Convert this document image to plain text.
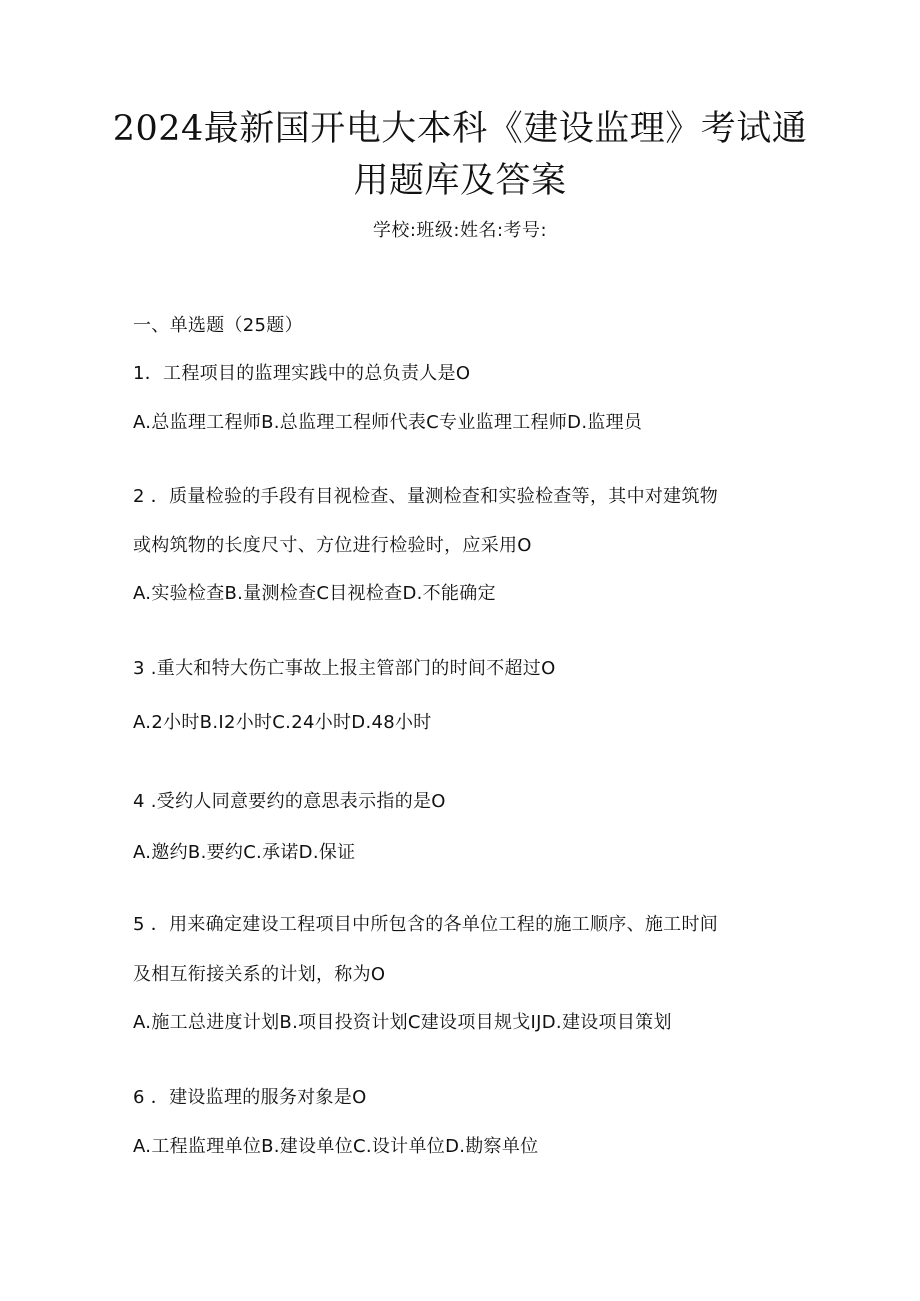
2024最新国开电大本科《建设监理》考试通
用题库及答案
学校:班级:姓名:考号:
一、单选题（25题）
1．工程项目的监理实践中的总负责人是O
A.总监理工程师B.总监理工程师代表C专业监理工程师D.监理员
2 ．质量检验的手段有目视检查、量测检查和实验检查等，其中对建筑物
或构筑物的长度尺寸、方位进行检验时，应采用O
A.实验检查B.量测检查C目视检查D.不能确定
3 .重大和特大伤亡事故上报主管部门的时间不超过O
A.2小时B.I2小时C.24小时D.48小时
4 .受约人同意要约的意思表示指的是O
A.邀约B.要约C.承诺D.保证
5 ．用来确定建设工程项目中所包含的各单位工程的施工顺序、施工时间
及相互衔接关系的计划，称为O
A.施工总进度计划B.项目投资计划C建设项目规戈IJD.建设项目策划
6 ．建设监理的服务对象是O
A.工程监理单位B.建设单位C.设计单位D.勘察单位
